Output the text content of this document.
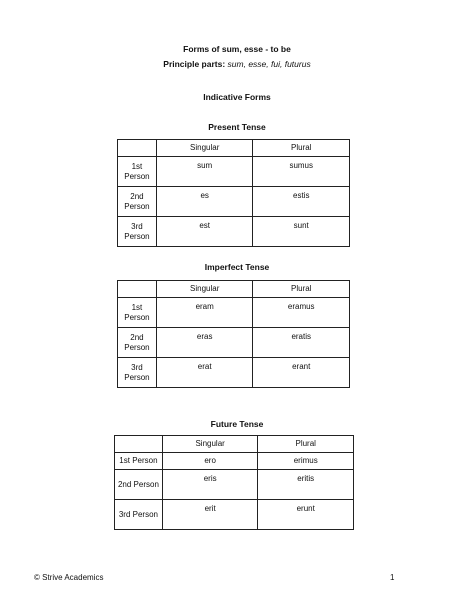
Forms of sum, esse - to be
Principle parts: sum, esse, fui, futurus
Indicative Forms
Present Tense
	Singular	Plural
1st Person	sum	sumus
2nd Person	es	estis
3rd Person	est	sunt
Imperfect Tense
	Singular	Plural
1st Person	eram	eramus
2nd Person	eras	eratis
3rd Person	erat	erant
Future Tense
	Singular	Plural
1st Person	ero	erimus
2nd Person	eris	eritis
3rd Person	erit	erunt
© Strive Academics	1
